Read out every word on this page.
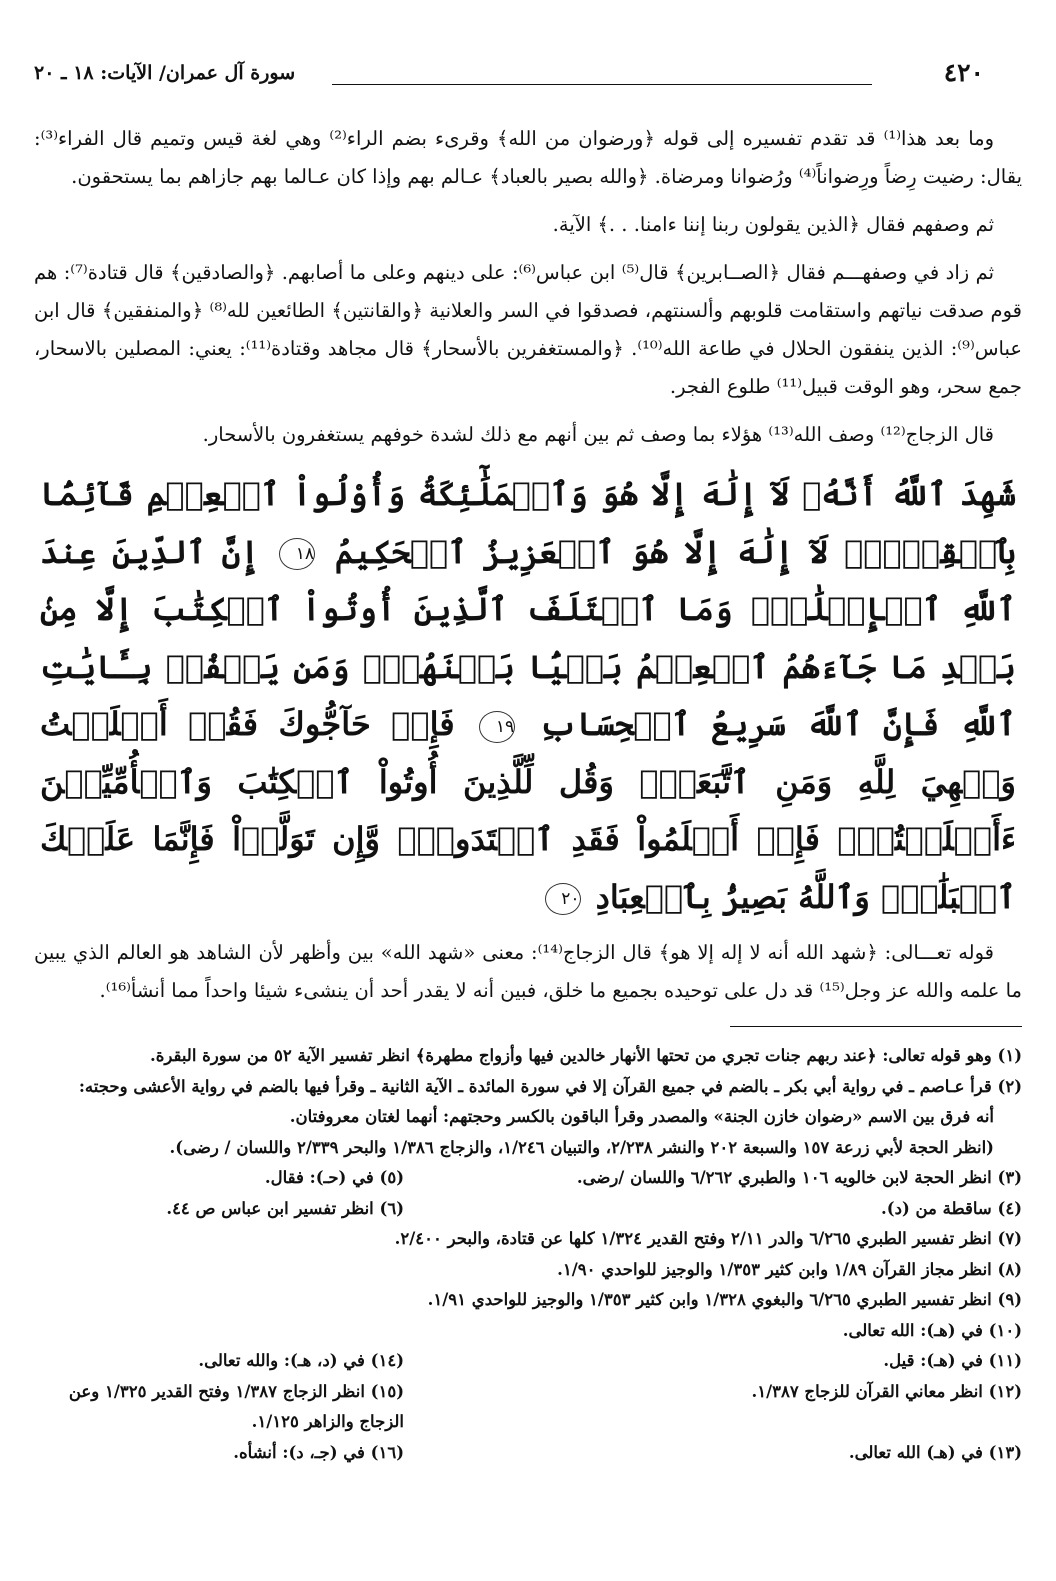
٤٢٠
سورة آل عمران/ الآيات: ١٨ ـ ٢٠

وما بعد هذا⁽¹⁾ قد تقدم تفسيره إلى قوله ﴿ورضوان من الله﴾ وقرىء بضم الراء⁽²⁾ وهي لغة قيس وتميم قال الفراء⁽³⁾: يقال: رضيت رِضاً ورِضواناً⁽⁴⁾ ورُضوانا ومرضاة. ﴿والله بصير بالعباد﴾ عـالم بهم وإذا كان عـالما بهم جازاهم بما يستحقون.

ثم وصفهم فقال ﴿الذين يقولون ربنا إننا ءامنا. . .﴾ الآية.

ثم زاد في وصفهـــم فقال ﴿الصــابرين﴾ قال⁽⁵⁾ ابن عباس⁽⁶⁾: على دينهم وعلى ما أصابهم. ﴿والصادقين﴾ قال قتادة⁽⁷⁾: هم قوم صدقت نياتهم واستقامت قلوبهم وألسنتهم، فصدقوا في السر والعلانية ﴿والقانتين﴾ الطائعين لله⁽⁸⁾ ﴿والمنفقين﴾ قال ابن عباس⁽⁹⁾: الذين ينفقون الحلال في طاعة الله⁽¹⁰⁾. ﴿والمستغفرين بالأسحار﴾ قال مجاهد وقتادة⁽¹¹⁾: يعني: المصلين بالاسحار، جمع سحر، وهو الوقت قبيل⁽¹¹⁾ طلوع الفجر.

قال الزجاج⁽¹²⁾ وصف الله⁽¹³⁾ هؤلاء بما وصف ثم بين أنهم مع ذلك لشدة خوفهم يستغفرون بالأسحار.

شَهِدَ ٱللَّهُ أَنَّهُۥ لَآ إِلَٰهَ إِلَّا هُوَ وَٱلۡمَلَٰٓئِكَةُ وَأُوْلُواْ ٱلۡعِلۡمِ قَآئِمَۢا بِٱلۡقِسۡطِۚ لَآ إِلَٰهَ إِلَّا هُوَ ٱلۡعَزِيزُ ٱلۡحَكِيمُ ١٨ إِنَّ ٱلدِّينَ عِندَ ٱللَّهِ ٱلۡإِسۡلَٰمُۗ وَمَا ٱخۡتَلَفَ ٱلَّذِينَ أُوتُواْ ٱلۡكِتَٰبَ إِلَّا مِنۢ بَعۡدِ مَا جَآءَهُمُ ٱلۡعِلۡمُ بَغۡيَۢا بَيۡنَهُمۡۗ وَمَن يَكۡفُرۡ بِـَٔايَٰتِ ٱللَّهِ فَإِنَّ ٱللَّهَ سَرِيعُ ٱلۡحِسَابِ ١٩ فَإِنۡ حَآجُّوكَ فَقُلۡ أَسۡلَمۡتُ وَجۡهِيَ لِلَّهِ وَمَنِ ٱتَّبَعَنِۗ وَقُل لِّلَّذِينَ أُوتُواْ ٱلۡكِتَٰبَ وَٱلۡأُمِّيِّـۧنَ ءَأَسۡلَمۡتُمۡۚ فَإِنۡ أَسۡلَمُواْ فَقَدِ ٱهۡتَدَواْۖ وَّإِن تَوَلَّوۡاْ فَإِنَّمَا عَلَيۡكَ ٱلۡبَلَٰغُۗ وَٱللَّهُ بَصِيرُۢ بِٱلۡعِبَادِ ٢٠

قوله تعـــالى: ﴿شهد الله أنه لا إله إلا هو﴾ قال الزجاج⁽¹⁴⁾: معنى «شهد الله» بين وأظهر لأن الشاهد هو العالم الذي يبين ما علمه والله عز وجل⁽¹⁵⁾ قد دل على توحيده بجميع ما خلق، فبين أنه لا يقدر أحد أن ينشىء شيئا واحداً مما أنشأ⁽¹⁶⁾.

(١) وهو قوله تعالى: ﴿عند ربهم جنات تجري من تحتها الأنهار خالدين فيها وأزواج مطهرة﴾ انظر تفسير الآية ٥٢ من سورة البقرة.

(٢) قرأ عـاصم ـ في رواية أبي بكر ـ بالضم في جميع القرآن إلا في سورة المائدة ـ الآية الثانية ـ وقرأ فيها بالضم في رواية الأعشى وحجته:

أنه فرق بين الاسم «رضوان خازن الجنة» والمصدر وقرأ الباقون بالكسر وحجتهم: أنهما لغتان معروفتان.

(انظر الحجة لأبي زرعة ١٥٧ والسبعة ٢٠٢ والنشر ٢/٢٣٨، والتبيان ١/٢٤٦، والزجاج ١/٣٨٦ والبحر ٢/٣٣٩ واللسان / رضى).

(٣) انظر الحجة لابن خالويه ١٠٦ والطبري ٦/٢٦٢ واللسان /رضى.

(٥) في (حـ): فقال.

(٤) ساقطة من (د).

(٦) انظر تفسير ابن عباس ص ٤٤.

(٧) انظر تفسير الطبري ٦/٢٦٥ والدر ٢/١١ وفتح القدير ١/٣٢٤ كلها عن قتادة، والبحر ٢/٤٠٠.

(٨) انظر مجاز القرآن ١/٨٩ وابن كثير ١/٣٥٣ والوجيز للواحدي ١/٩٠.

(٩) انظر تفسير الطبري ٦/٢٦٥ والبغوي ١/٣٢٨ وابن كثير ١/٣٥٣ والوجيز للواحدي ١/٩١.

(١٠) في (هـ): الله تعالى.

(١١) في (هـ): قيل.

(١٤) في (د، هـ): والله تعالى.

(١٢) انظر معاني القرآن للزجاج ١/٣٨٧.

(١٥) انظر الزجاج ١/٣٨٧ وفتح القدير ١/٣٢٥ وعن الزجاج والزاهر ١/١٢٥.

(١٣) في (هـ) الله تعالى.

(١٦) في (جـ، د): أنشأه.
